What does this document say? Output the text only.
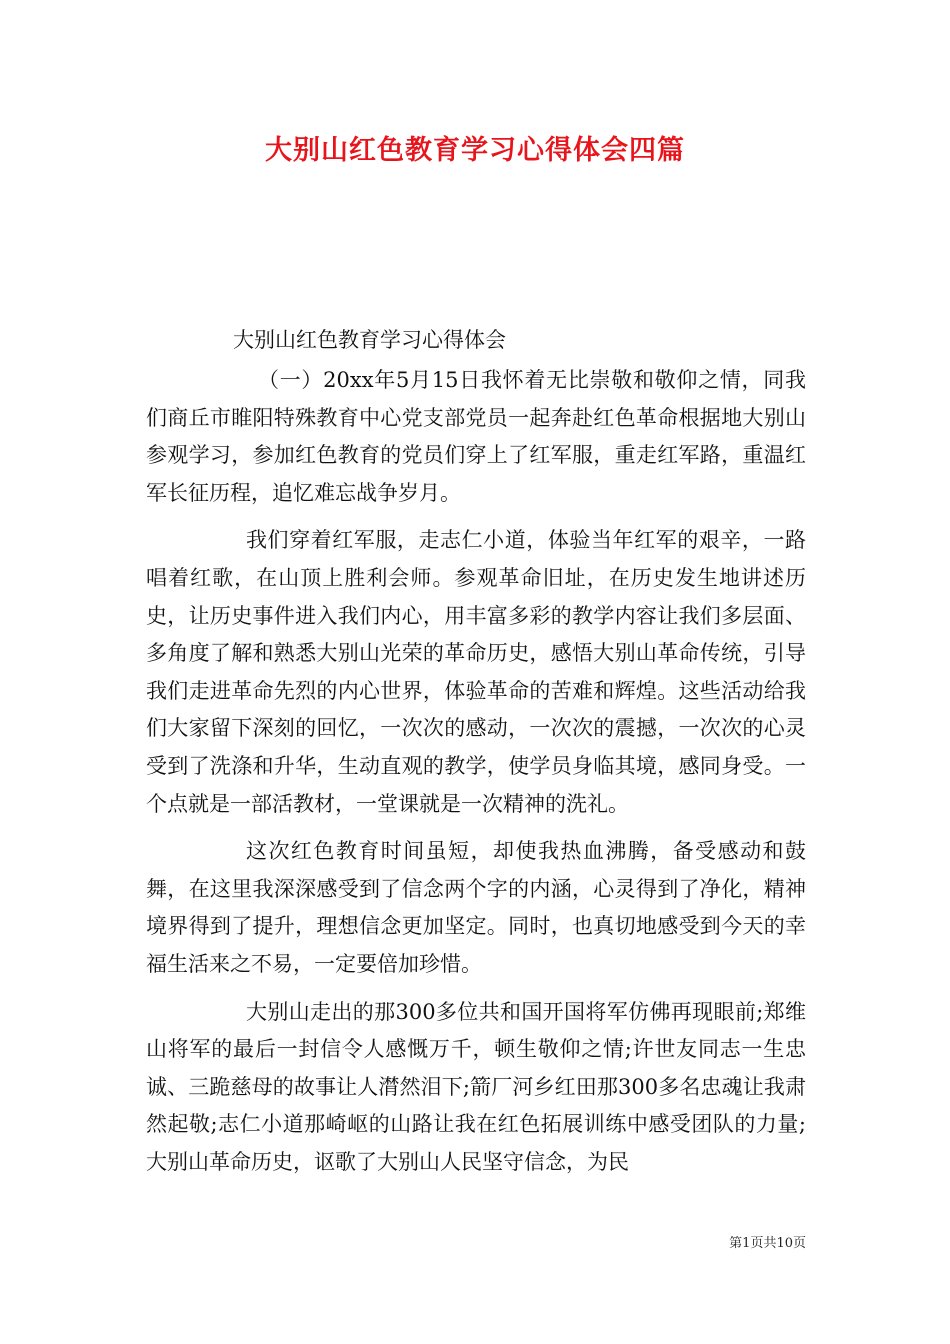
大别山红色教育学习心得体会四篇
大别山红色教育学习心得体会

（一）20xx年5月15日我怀着无比崇敬和敬仰之情，同我们商丘市睢阳特殊教育中心党支部党员一起奔赴红色革命根据地大别山参观学习，参加红色教育的党员们穿上了红军服，重走红军路，重温红军长征历程，追忆难忘战争岁月。

我们穿着红军服，走志仁小道，体验当年红军的艰辛，一路唱着红歌，在山顶上胜利会师。参观革命旧址，在历史发生地讲述历史，让历史事件进入我们内心，用丰富多彩的教学内容让我们多层面、多角度了解和熟悉大别山光荣的革命历史，感悟大别山革命传统，引导我们走进革命先烈的内心世界，体验革命的苦难和辉煌。这些活动给我们大家留下深刻的回忆，一次次的感动，一次次的震撼，一次次的心灵受到了洗涤和升华，生动直观的教学，使学员身临其境，感同身受。一个点就是一部活教材，一堂课就是一次精神的洗礼。

这次红色教育时间虽短，却使我热血沸腾，备受感动和鼓舞，在这里我深深感受到了信念两个字的内涵，心灵得到了净化，精神境界得到了提升，理想信念更加坚定。同时，也真切地感受到今天的幸福生活来之不易，一定要倍加珍惜。

大别山走出的那300多位共和国开国将军仿佛再现眼前;郑维山将军的最后一封信令人感慨万千，顿生敬仰之情;许世友同志一生忠诚、三跪慈母的故事让人潸然泪下;箭厂河乡红田那300多名忠魂让我肃然起敬;志仁小道那崎岖的山路让我在红色拓展训练中感受团队的力量;大别山革命历史，讴歌了大别山人民坚守信念，为民

第1页共10页
